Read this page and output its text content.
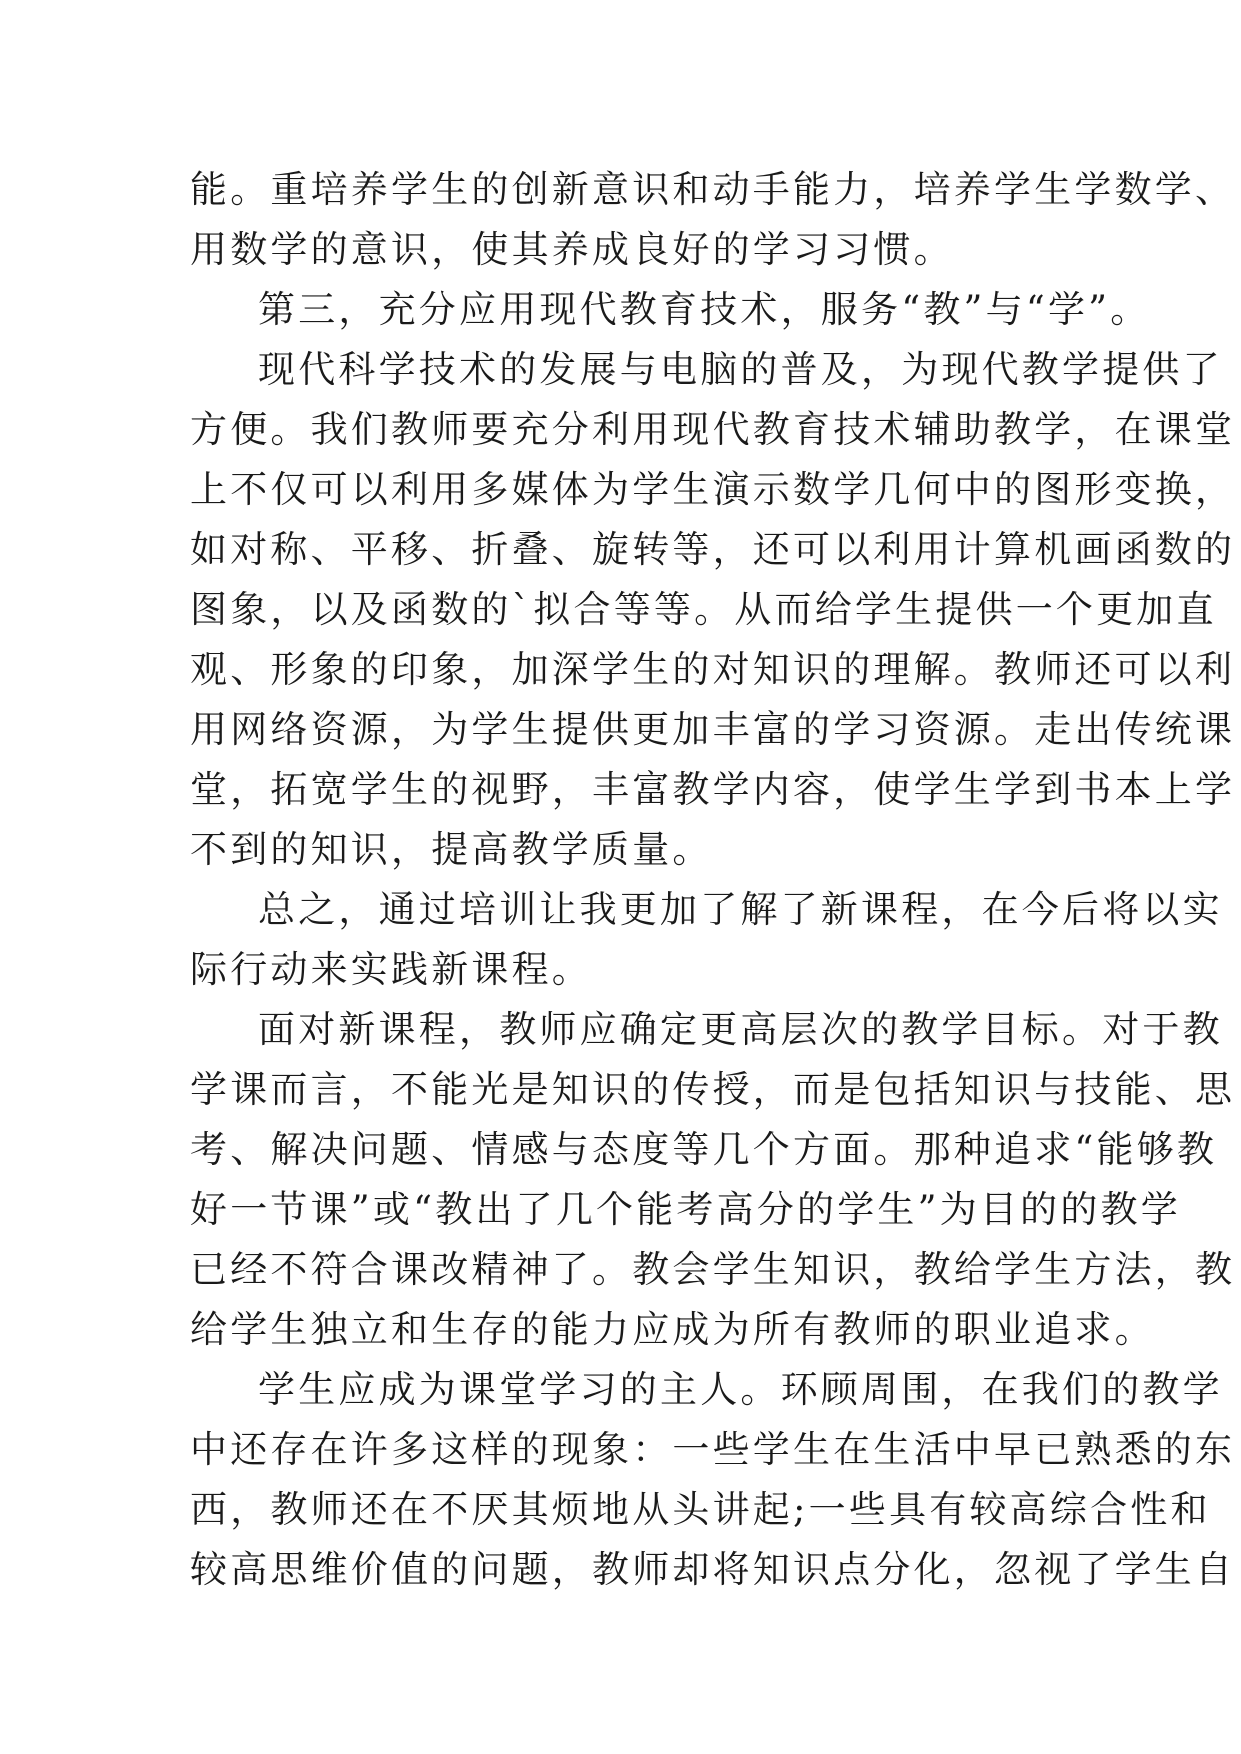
能。重培养学生的创新意识和动手能力，培养学生学数学、
用数学的意识，使其养成良好的学习习惯。
第三，充分应用现代教育技术，服务“教”与“学”。
现代科学技术的发展与电脑的普及，为现代教学提供了
方便。我们教师要充分利用现代教育技术辅助教学，在课堂
上不仅可以利用多媒体为学生演示数学几何中的图形变换，
如对称、平移、折叠、旋转等，还可以利用计算机画函数的
图象，以及函数的`拟合等等。从而给学生提供一个更加直
观、形象的印象，加深学生的对知识的理解。教师还可以利
用网络资源，为学生提供更加丰富的学习资源。走出传统课
堂，拓宽学生的视野，丰富教学内容，使学生学到书本上学
不到的知识，提高教学质量。
总之，通过培训让我更加了解了新课程，在今后将以实
际行动来实践新课程。
面对新课程，教师应确定更高层次的教学目标。对于教
学课而言，不能光是知识的传授，而是包括知识与技能、思
考、解决问题、情感与态度等几个方面。那种追求“能够教
好一节课”或“教出了几个能考高分的学生”为目的的教学
已经不符合课改精神了。教会学生知识，教给学生方法，教
给学生独立和生存的能力应成为所有教师的职业追求。
学生应成为课堂学习的主人。环顾周围，在我们的教学
中还存在许多这样的现象：一些学生在生活中早已熟悉的东
西，教师还在不厌其烦地从头讲起;一些具有较高综合性和
较高思维价值的问题，教师却将知识点分化，忽视了学生自
